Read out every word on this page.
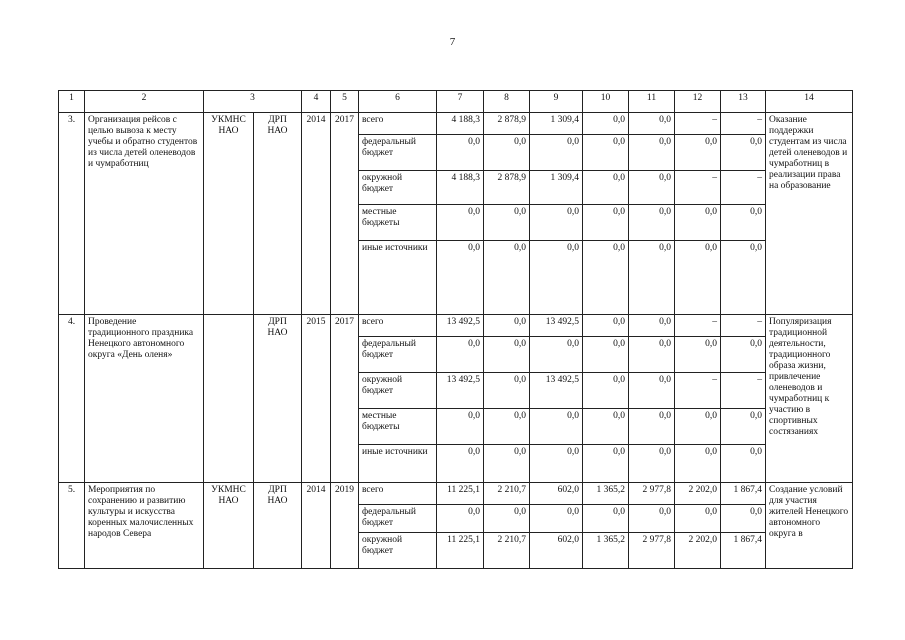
7
1	2	3		4	5	6	7	8	9	10	11	12	13	14
3.	Организация рейсов с целью вывоза к месту учебы и обратно студентов из числа детей оленеводов и чумработниц	УКМНС НАО	ДРП НАО	2014	2017	всего	4 188,3	2 878,9	1 309,4	0,0	0,0	–	–	Оказание поддержки студентам из числа детей оленеводов и чумработниц в реализации права на образование
						федеральный бюджет	0,0	0,0	0,0	0,0	0,0	0,0	0,0	
						окружной бюджет	4 188,3	2 878,9	1 309,4	0,0	0,0	–	–	
						местные бюджеты	0,0	0,0	0,0	0,0	0,0	0,0	0,0	
						иные источники	0,0	0,0	0,0	0,0	0,0	0,0	0,0	
4.	Проведение традиционного праздника Ненецкого автономного округа «День оленя»		ДРП НАО	2015	2017	всего	13 492,5	0,0	13 492,5	0,0	0,0	–	–	Популяризация традиционной деятельности, традиционного образа жизни, привлечение оленеводов и чумработниц к участию в спортивных состязаниях
						федеральный бюджет	0,0	0,0	0,0	0,0	0,0	0,0	0,0	
						окружной бюджет	13 492,5	0,0	13 492,5	0,0	0,0	–	–	
						местные бюджеты	0,0	0,0	0,0	0,0	0,0	0,0	0,0	
						иные источники	0,0	0,0	0,0	0,0	0,0	0,0	0,0	
5.	Мероприятия по сохранению и развитию культуры и искусства коренных малочисленных народов Севера	УКМНС НАО	ДРП НАО	2014	2019	всего	11 225,1	2 210,7	602,0	1 365,2	2 977,8	2 202,0	1 867,4	Создание условий для участия жителей Ненецкого автономного округа в
						федеральный бюджет	0,0	0,0	0,0	0,0	0,0	0,0	0,0	
						окружной бюджет	11 225,1	2 210,7	602,0	1 365,2	2 977,8	2 202,0	1 867,4	
